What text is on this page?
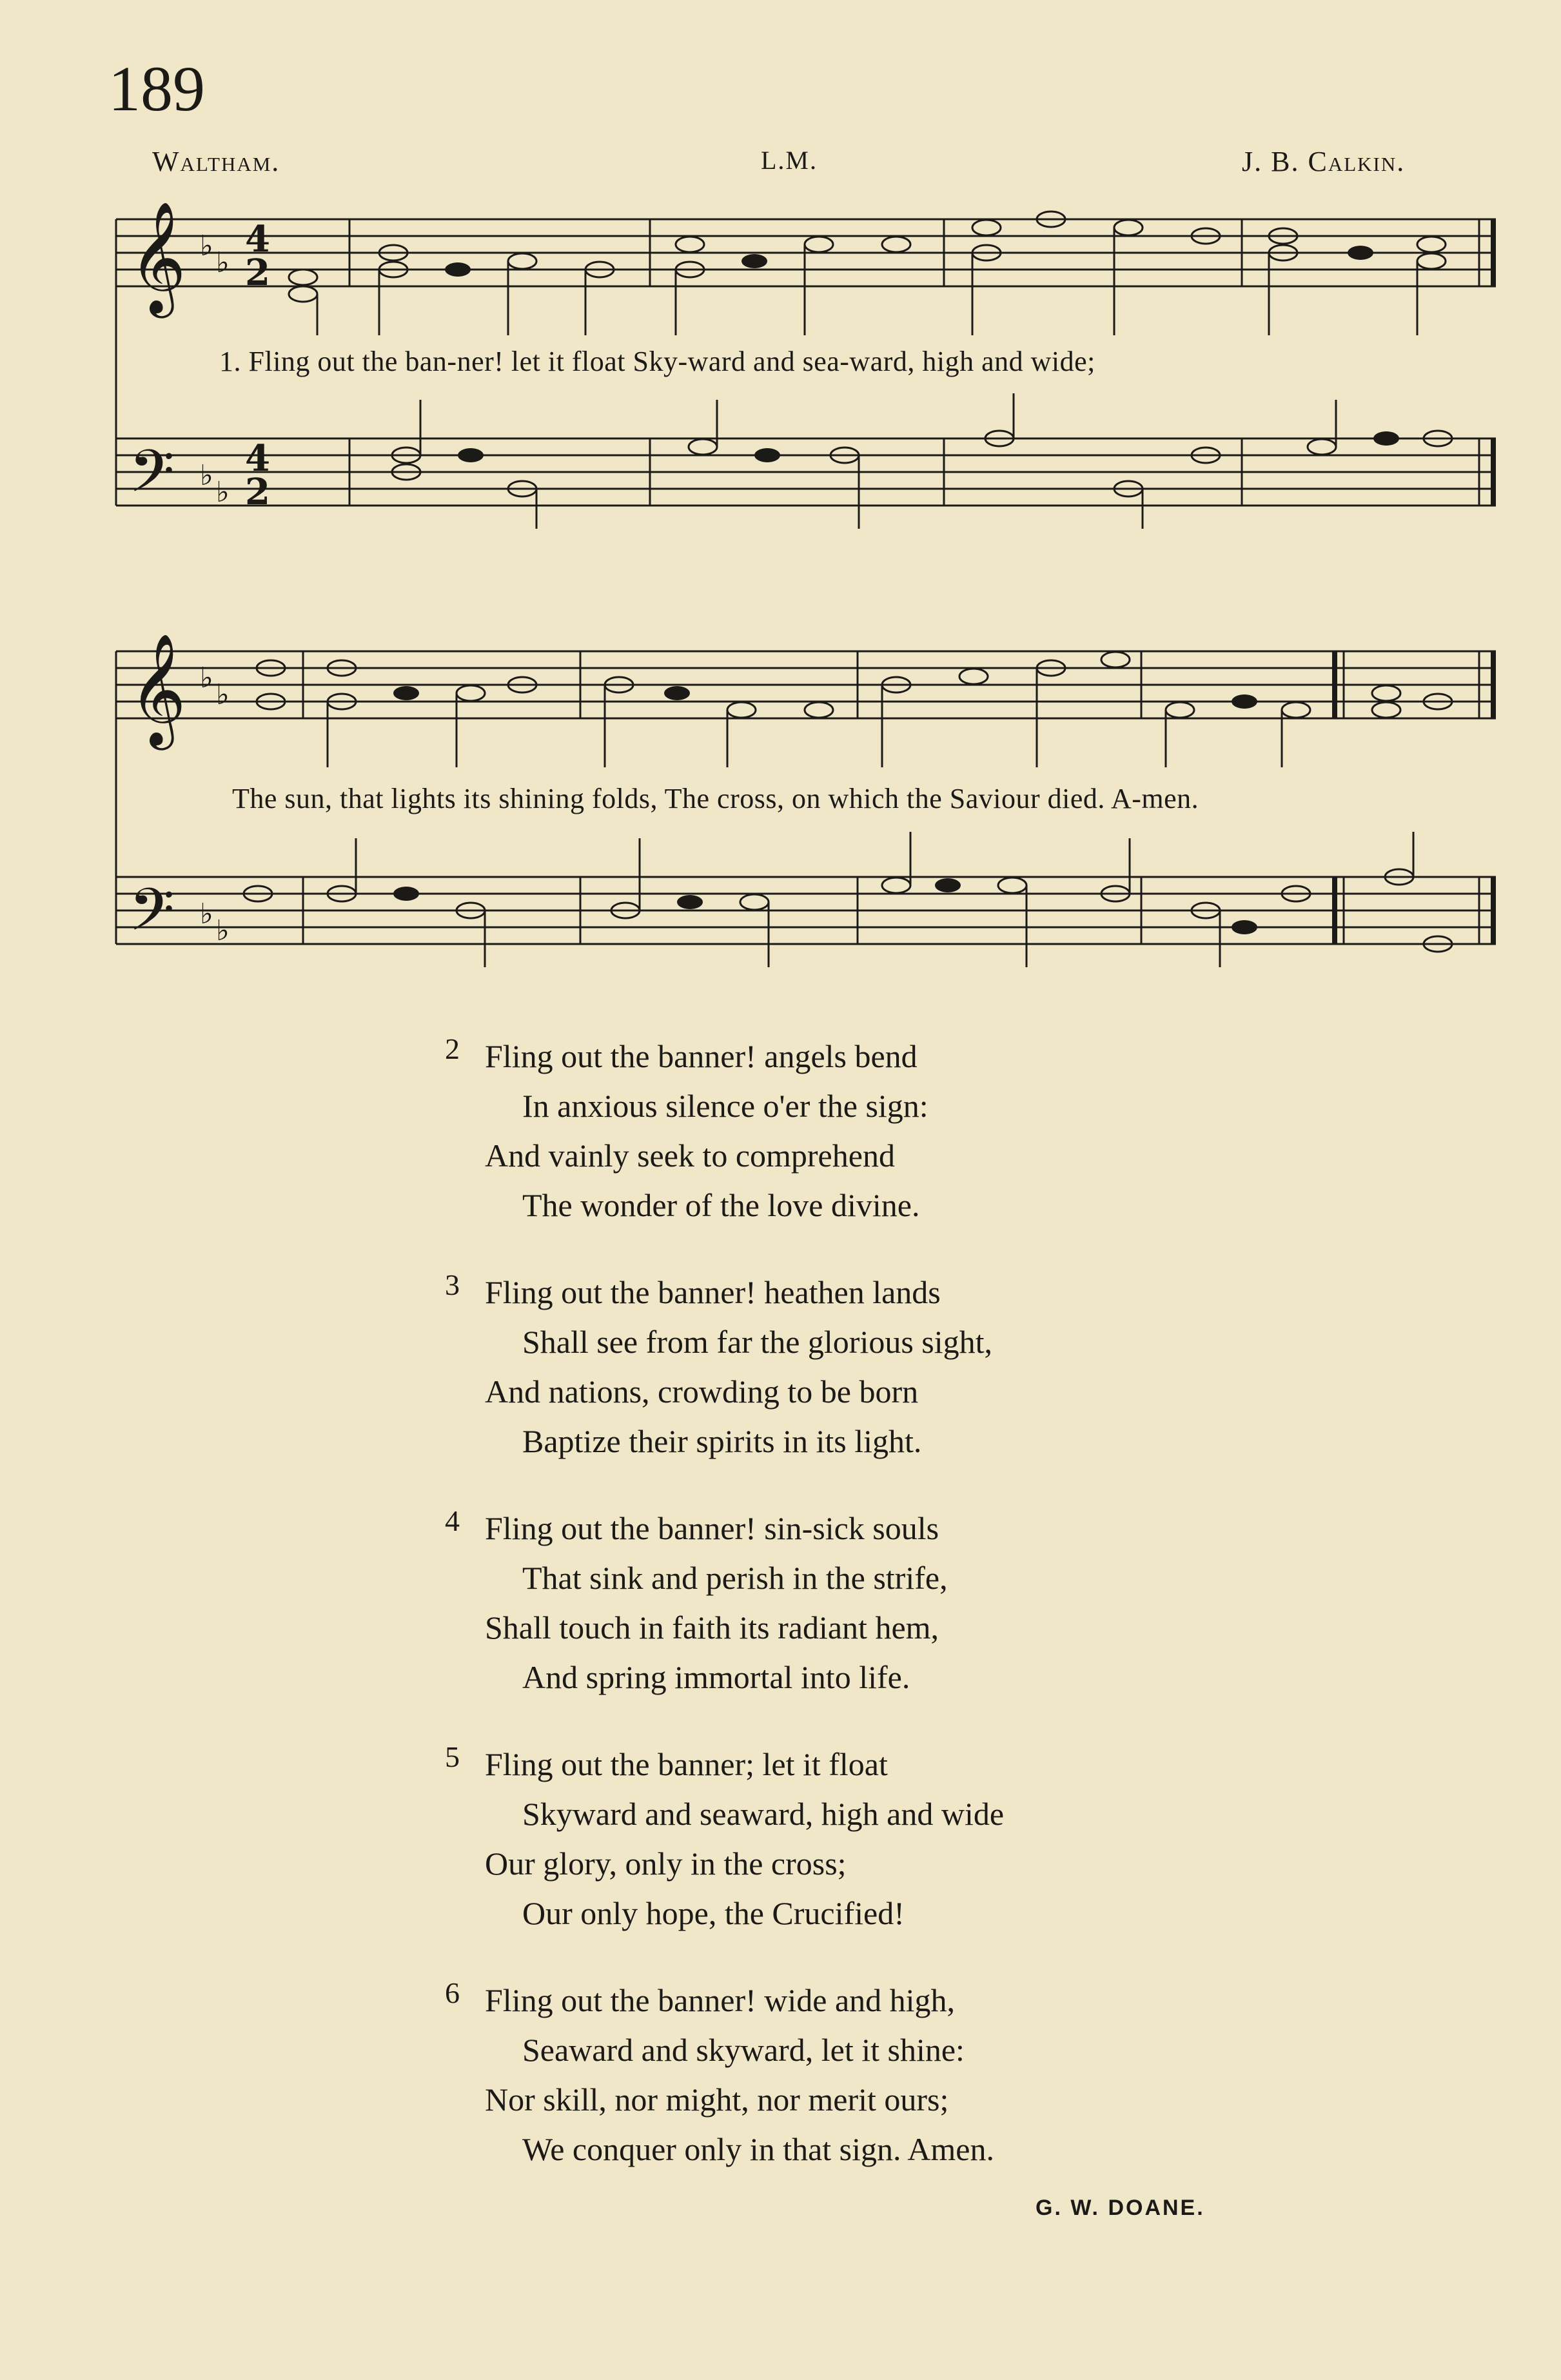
189
Waltham.	L.M.	J. B. Calkin.
𝄞
𝄢
♭
♭
♭
♭
4
2
4
2
1. Fling out the ban-ner! let it float Sky-ward and sea-ward, high and wide;
𝄞
𝄢
♭
♭
♭
♭
The sun, that lights its shining folds, The cross, on which the Saviour died. A-men.
2 Fling out the banner! angels bend
In anxious silence o'er the sign:
And vainly seek to comprehend
The wonder of the love divine.
3 Fling out the banner! heathen lands
Shall see from far the glorious sight,
And nations, crowding to be born
Baptize their spirits in its light.
4 Fling out the banner! sin-sick souls
That sink and perish in the strife,
Shall touch in faith its radiant hem,
And spring immortal into life.
5 Fling out the banner; let it float
Skyward and seaward, high and wide
Our glory, only in the cross;
Our only hope, the Crucified!
6 Fling out the banner! wide and high,
Seaward and skyward, let it shine:
Nor skill, nor might, nor merit ours;
We conquer only in that sign. Amen.
G. W. DOANE.
